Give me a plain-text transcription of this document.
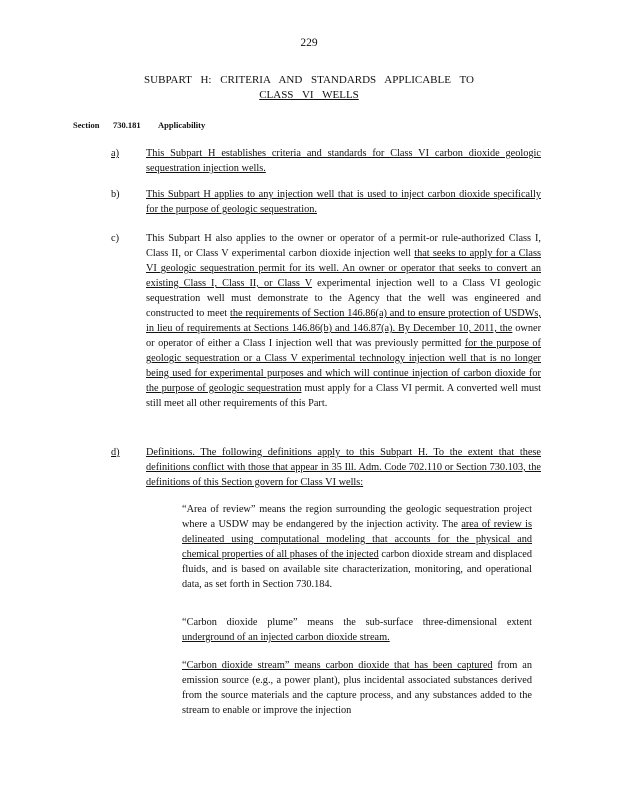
229
SUBPART H: CRITERIA AND STANDARDS APPLICABLE TO
CLASS VI WELLS
Section 730.181 Applicability
a)	This Subpart H establishes criteria and standards for Class VI carbon dioxide geologic sequestration injection wells.
b)	This Subpart H applies to any injection well that is used to inject carbon dioxide specifically for the purpose of geologic sequestration.
c)	This Subpart H also applies to the owner or operator of a permit-or rule-authorized Class I, Class II, or Class V experimental carbon dioxide injection well that seeks to apply for a Class VI geologic sequestration permit for its well. An owner or operator that seeks to convert an existing Class I, Class II, or Class V experimental injection well to a Class VI geologic sequestration well must demonstrate to the Agency that the well was engineered and constructed to meet the requirements of Section 146.86(a) and to ensure protection of USDWs, in lieu of requirements at Sections 146.86(b) and 146.87(a). By December 10, 2011, the owner or operator of either a Class I injection well that was previously permitted for the purpose of geologic sequestration or a Class V experimental technology injection well that is no longer being used for experimental purposes and which will continue injection of carbon dioxide for the purpose of geologic sequestration must apply for a Class VI permit. A converted well must still meet all other requirements of this Part.
d)	Definitions. The following definitions apply to this Subpart H. To the extent that these definitions conflict with those that appear in 35 Ill. Adm. Code 702.110 or Section 730.103, the definitions of this Section govern for Class VI wells:
“Area of review” means the region surrounding the geologic sequestration project where a USDW may be endangered by the injection activity. The area of review is delineated using computational modeling that accounts for the physical and chemical properties of all phases of the injected carbon dioxide stream and displaced fluids, and is based on available site characterization, monitoring, and operational data, as set forth in Section 730.184.
“Carbon dioxide plume” means the sub-surface three-dimensional extent underground of an injected carbon dioxide stream.
“Carbon dioxide stream” means carbon dioxide that has been captured from an emission source (e.g., a power plant), plus incidental associated substances derived from the source materials and the capture process, and any substances added to the stream to enable or improve the injection
